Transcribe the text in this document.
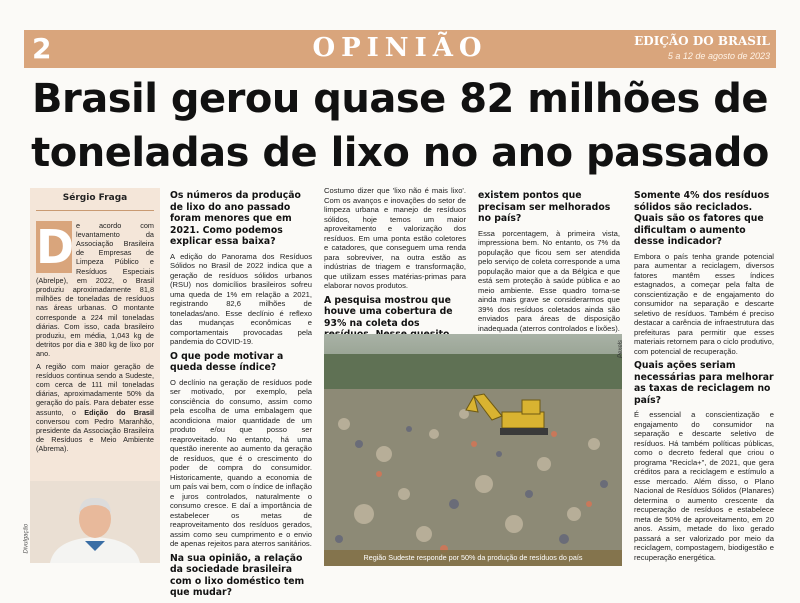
2	OPINIÃO	EDIÇÃO DO BRASIL
5 a 12 de agosto de 2023
Brasil gerou quase 82 milhões de
toneladas de lixo no ano passado
Sérgio Fraga
D e acordo com levantamento da Associação Brasileira de Empresas de Limpeza Público e Resíduos Especiais (Abrelpe), em 2022, o Brasil produziu aproximadamente 81,8 milhões de toneladas de resíduos nas áreas urbanas. O montante corresponde a 224 mil toneladas diárias. Com isso, cada brasileiro produziu, em média, 1,043 kg de detritos por dia e 380 kg de lixo por ano.

A região com maior geração de resíduos continua sendo a Sudeste, com cerca de 111 mil toneladas diárias, aproximadamente 50% da geração do país. Para debater esse assunto, o Edição do Brasil conversou com Pedro Maranhão, presidente da Associação Brasileira de Resíduos e Meio Ambiente (Abrema).

Divulgação
Os números da produção de lixo do ano passado foram menores que em 2021. Como podemos explicar essa baixa?

A edição do Panorama dos Resíduos Sólidos no Brasil de 2022 indica que a geração de resíduos sólidos urbanos (RSU) nos domicílios brasileiros sofreu uma queda de 1% em relação a 2021, registrando 82,6 milhões de toneladas/ano. Esse declínio é reflexo das mudanças econômicas e comportamentais provocadas pela pandemia do COVID-19.

O que pode motivar a queda desse índice?

O declínio na geração de resíduos pode ser motivado, por exemplo, pela consciência do consumo, assim como pela escolha de uma embalagem que acondiciona maior quantidade de um produto e/ou que posso ser reaproveitado. No entanto, há uma questão inerente ao aumento da geração de resíduos, que é o crescimento do poder de compra do consumidor. Historicamente, quando a economia de um país vai bem, com o índice de inflação e juros controlados, naturalmente o consumo cresce. E daí a importância de estabelecer os metas de reaproveitamento dos resíduos gerados, assim como seu cumprimento e o envio de apenas rejeitos para aterros sanitários.

Na sua opinião, a relação da sociedade brasileira com o lixo doméstico tem que mudar?

Costumo dizer que 'lixo não é mais lixo'. Com os avanços e inovações do setor de limpeza urbana e manejo de resíduos sólidos, hoje temos um maior aproveitamento e valorização dos resíduos. Em uma ponta estão coletores e catadores, que conseguem uma renda para sobreviver, na outra estão as indústrias de triagem e transformação, que utilizam esses matérias-primas para elaborar novos produtos.

A pesquisa mostrou que houve uma cobertura de 93% na coleta dos
Pexels
Região Sudeste responde por 50% da produção de resíduos do país
existem pontos que precisam ser melhorados no país?

Essa porcentagem, à primeira vista, impressiona bem. No entanto, os 7% da população que ficou sem ser atendida pelo serviço de coleta corresponde a uma população maior que a da Bélgica e que está sem proteção à saúde pública e ao meio ambiente. Esse quadro torna-se ainda mais grave se considerarmos que 39% dos resíduos coletados ainda são enviados para áreas de disposição inadequada (aterros controlados e lixões).

Somente 4% dos resíduos sólidos são reciclados. Quais são os fatores que dificultam o aumento desse indicador?

Embora o país tenha grande potencial para aumentar a reciclagem, diversos fatores mantêm esses índices estagnados, a começar pela falta de conscientização e de engajamento do consumidor na separação e descarte seletivo de resíduos. Também é preciso destacar a carência de infraestrutura das prefeituras para permitir que esses materiais retornem para o ciclo produtivo, com potencial de recuperação.

Quais ações seriam necessárias para melhorar as taxas de reciclagem no país?

É essencial a conscientização e engajamento do consumidor na separação e descarte seletivo de resíduos. Há também políticas públicas, como o decreto federal que criou o programa "Recicla+", de 2021, que gera créditos para a reciclagem e estímulo a esse mercado. Além disso, o Plano Nacional de Resíduos Sólidos (Planares) determina o aumento crescente da recuperação de resíduos e estabelece meta de 50% de aproveitamento, em 20 anos. Assim, metade do lixo gerado passará a ser valorizado por meio da reciclagem, compostagem, biodigestão e recuperação energética.
